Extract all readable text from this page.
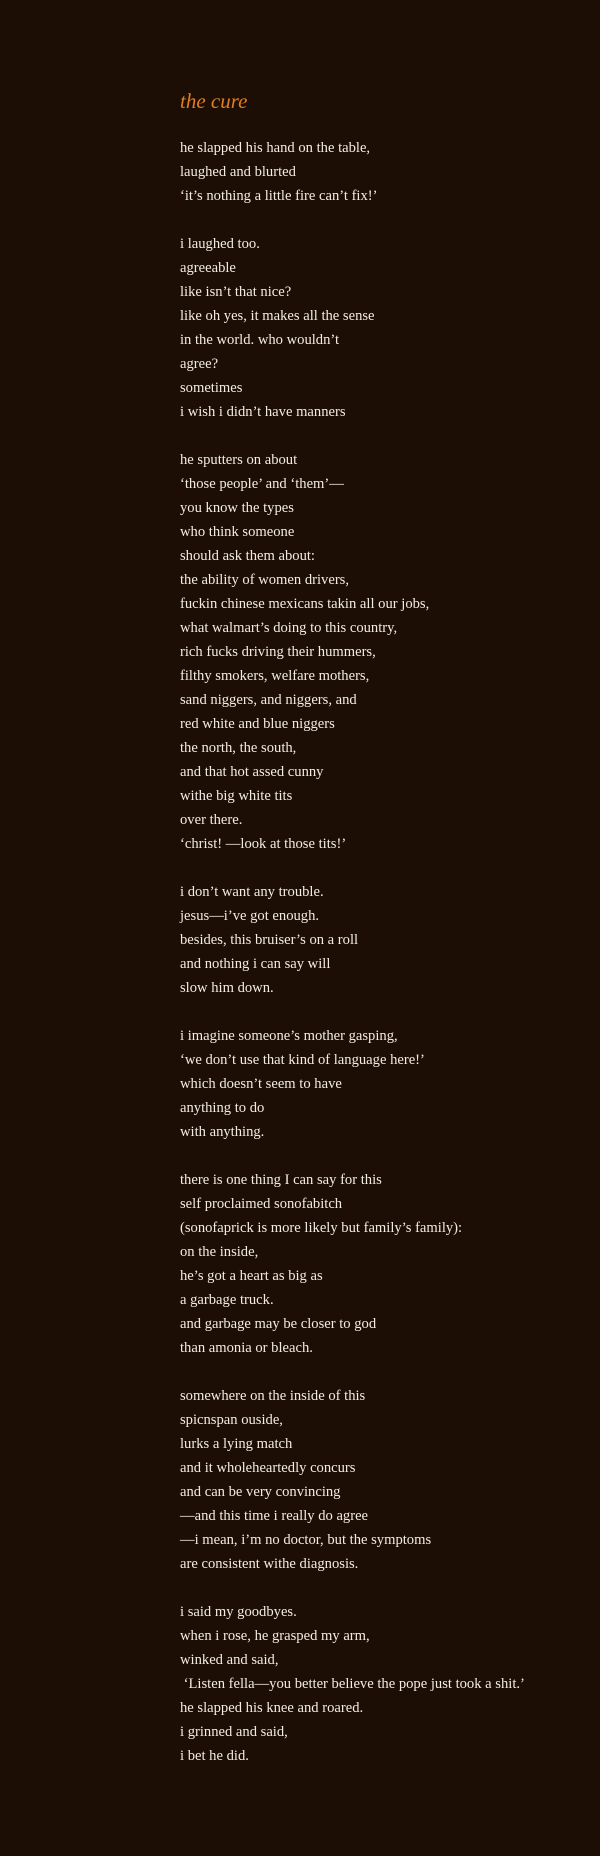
the cure
he slapped his hand on the table,
laughed and blurted
‘it’s nothing a little fire can’t fix!’
i laughed too.
agreeable
like isn’t that nice?
like oh yes, it makes all the sense
in the world. who wouldn’t
agree?
sometimes
i wish i didn’t have manners
he sputters on about
‘those people’ and ‘them’—
you know the types
who think someone
should ask them about:
the ability of women drivers,
fuckin chinese mexicans takin all our jobs,
what walmart’s doing to this country,
rich fucks driving their hummers,
filthy smokers, welfare mothers,
sand niggers, and niggers, and
red white and blue niggers
the north, the south,
and that hot assed cunny
withe big white tits
over there.
‘christ! —look at those tits!’
i don’t want any trouble.
jesus—i’ve got enough.
besides, this bruiser’s on a roll
and nothing i can say will
slow him down.
i imagine someone’s mother gasping,
‘we don’t use that kind of language here!’
which doesn’t seem to have
anything to do
with anything.
there is one thing I can say for this
self proclaimed sonofabitch
(sonofaprick is more likely but family’s family):
on the inside,
he’s got a heart as big as
a garbage truck.
and garbage may be closer to god
than amonia or bleach.
somewhere on the inside of this
spicnspan ouside,
lurks a lying match
and it wholeheartedly concurs
and can be very convincing
—and this time i really do agree
—i mean, i’m no doctor, but the symptoms
are consistent withe diagnosis.
i said my goodbyes.
when i rose, he grasped my arm,
winked and said,
‘Listen fella—you better believe the pope just took a shit.’
he slapped his knee and roared.
i grinned and said,
i bet he did.
